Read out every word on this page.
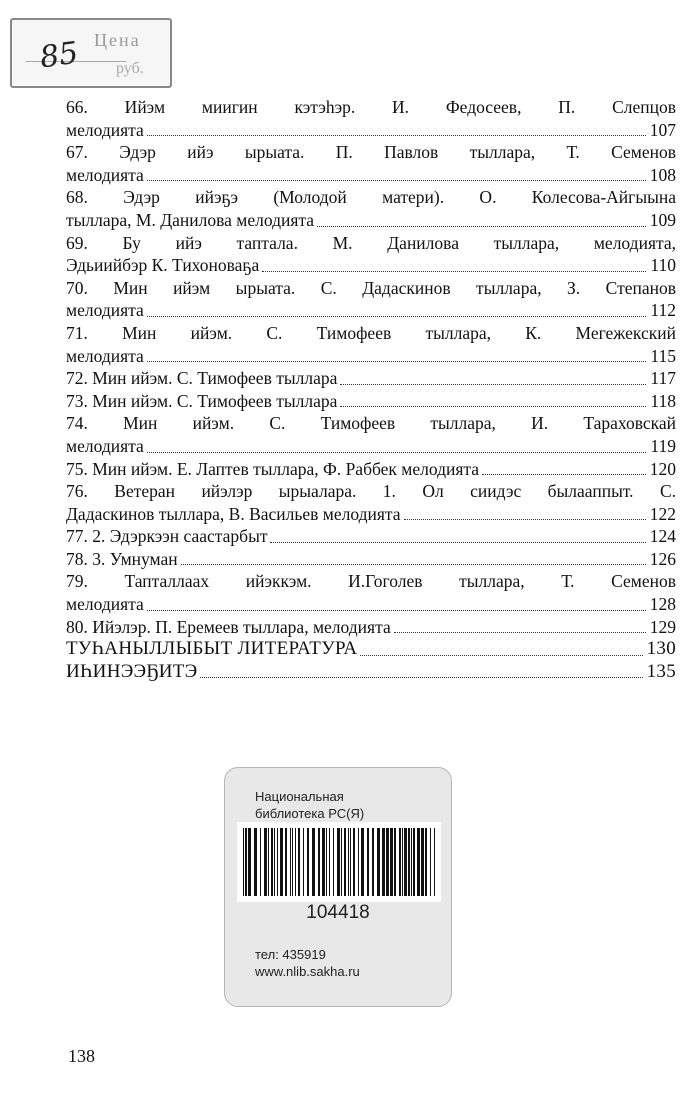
Цена
85 руб.
66. Ийэм миигин кэтэhэр. И. Федосеев, П. Слепцов
мелодията	107
67. Эдэр ийэ ырыата. П. Павлов тыллара, Т. Семенов
мелодията	108
68. Эдэр ийэҕэ (Молодой матери). О. Колесова-Айгыына
тыллара, М. Данилова мелодията	109
69. Бу ийэ таптала. М. Данилова тыллара, мелодията,
Эдьиийбэр К. Тихоноваҕа	110
70. Мин ийэм ырыата. С. Дадаскинов тыллара, З. Степанов
мелодията	112
71. Мин ийэм. С. Тимофеев тыллара, К. Мегежекский
мелодията	115
72. Мин ийэм. С. Тимофеев тыллара	117
73. Мин ийэм. С. Тимофеев тыллара	118
74. Мин ийэм. С. Тимофеев тыллара, И. Тараховскай
мелодията	119
75. Мин ийэм. Е. Лаптев тыллара, Ф. Раббек мелодията	120
76. Ветеран ийэлэр ырыалара. 1. Ол сиидэс былааппыт. С.
Дадаскинов тыллара, В. Васильев мелодията	122
77. 2. Эдэркээн саастарбыт	124
78. 3. Умнуман	126
79. Тапталлаах ийэккэм. И.Гоголев тыллара, Т. Семенов
мелодията	128
80. Ийэлэр. П. Еремеев тыллара, мелодията	129
ТУҺАНЫЛЛЫБЫТ ЛИТЕРАТУРА	130
ИҺИНЭЭҔИТЭ	135
Национальная
библиотека РС(Я)
104418
тел: 435919
www.nlib.sakha.ru
138
